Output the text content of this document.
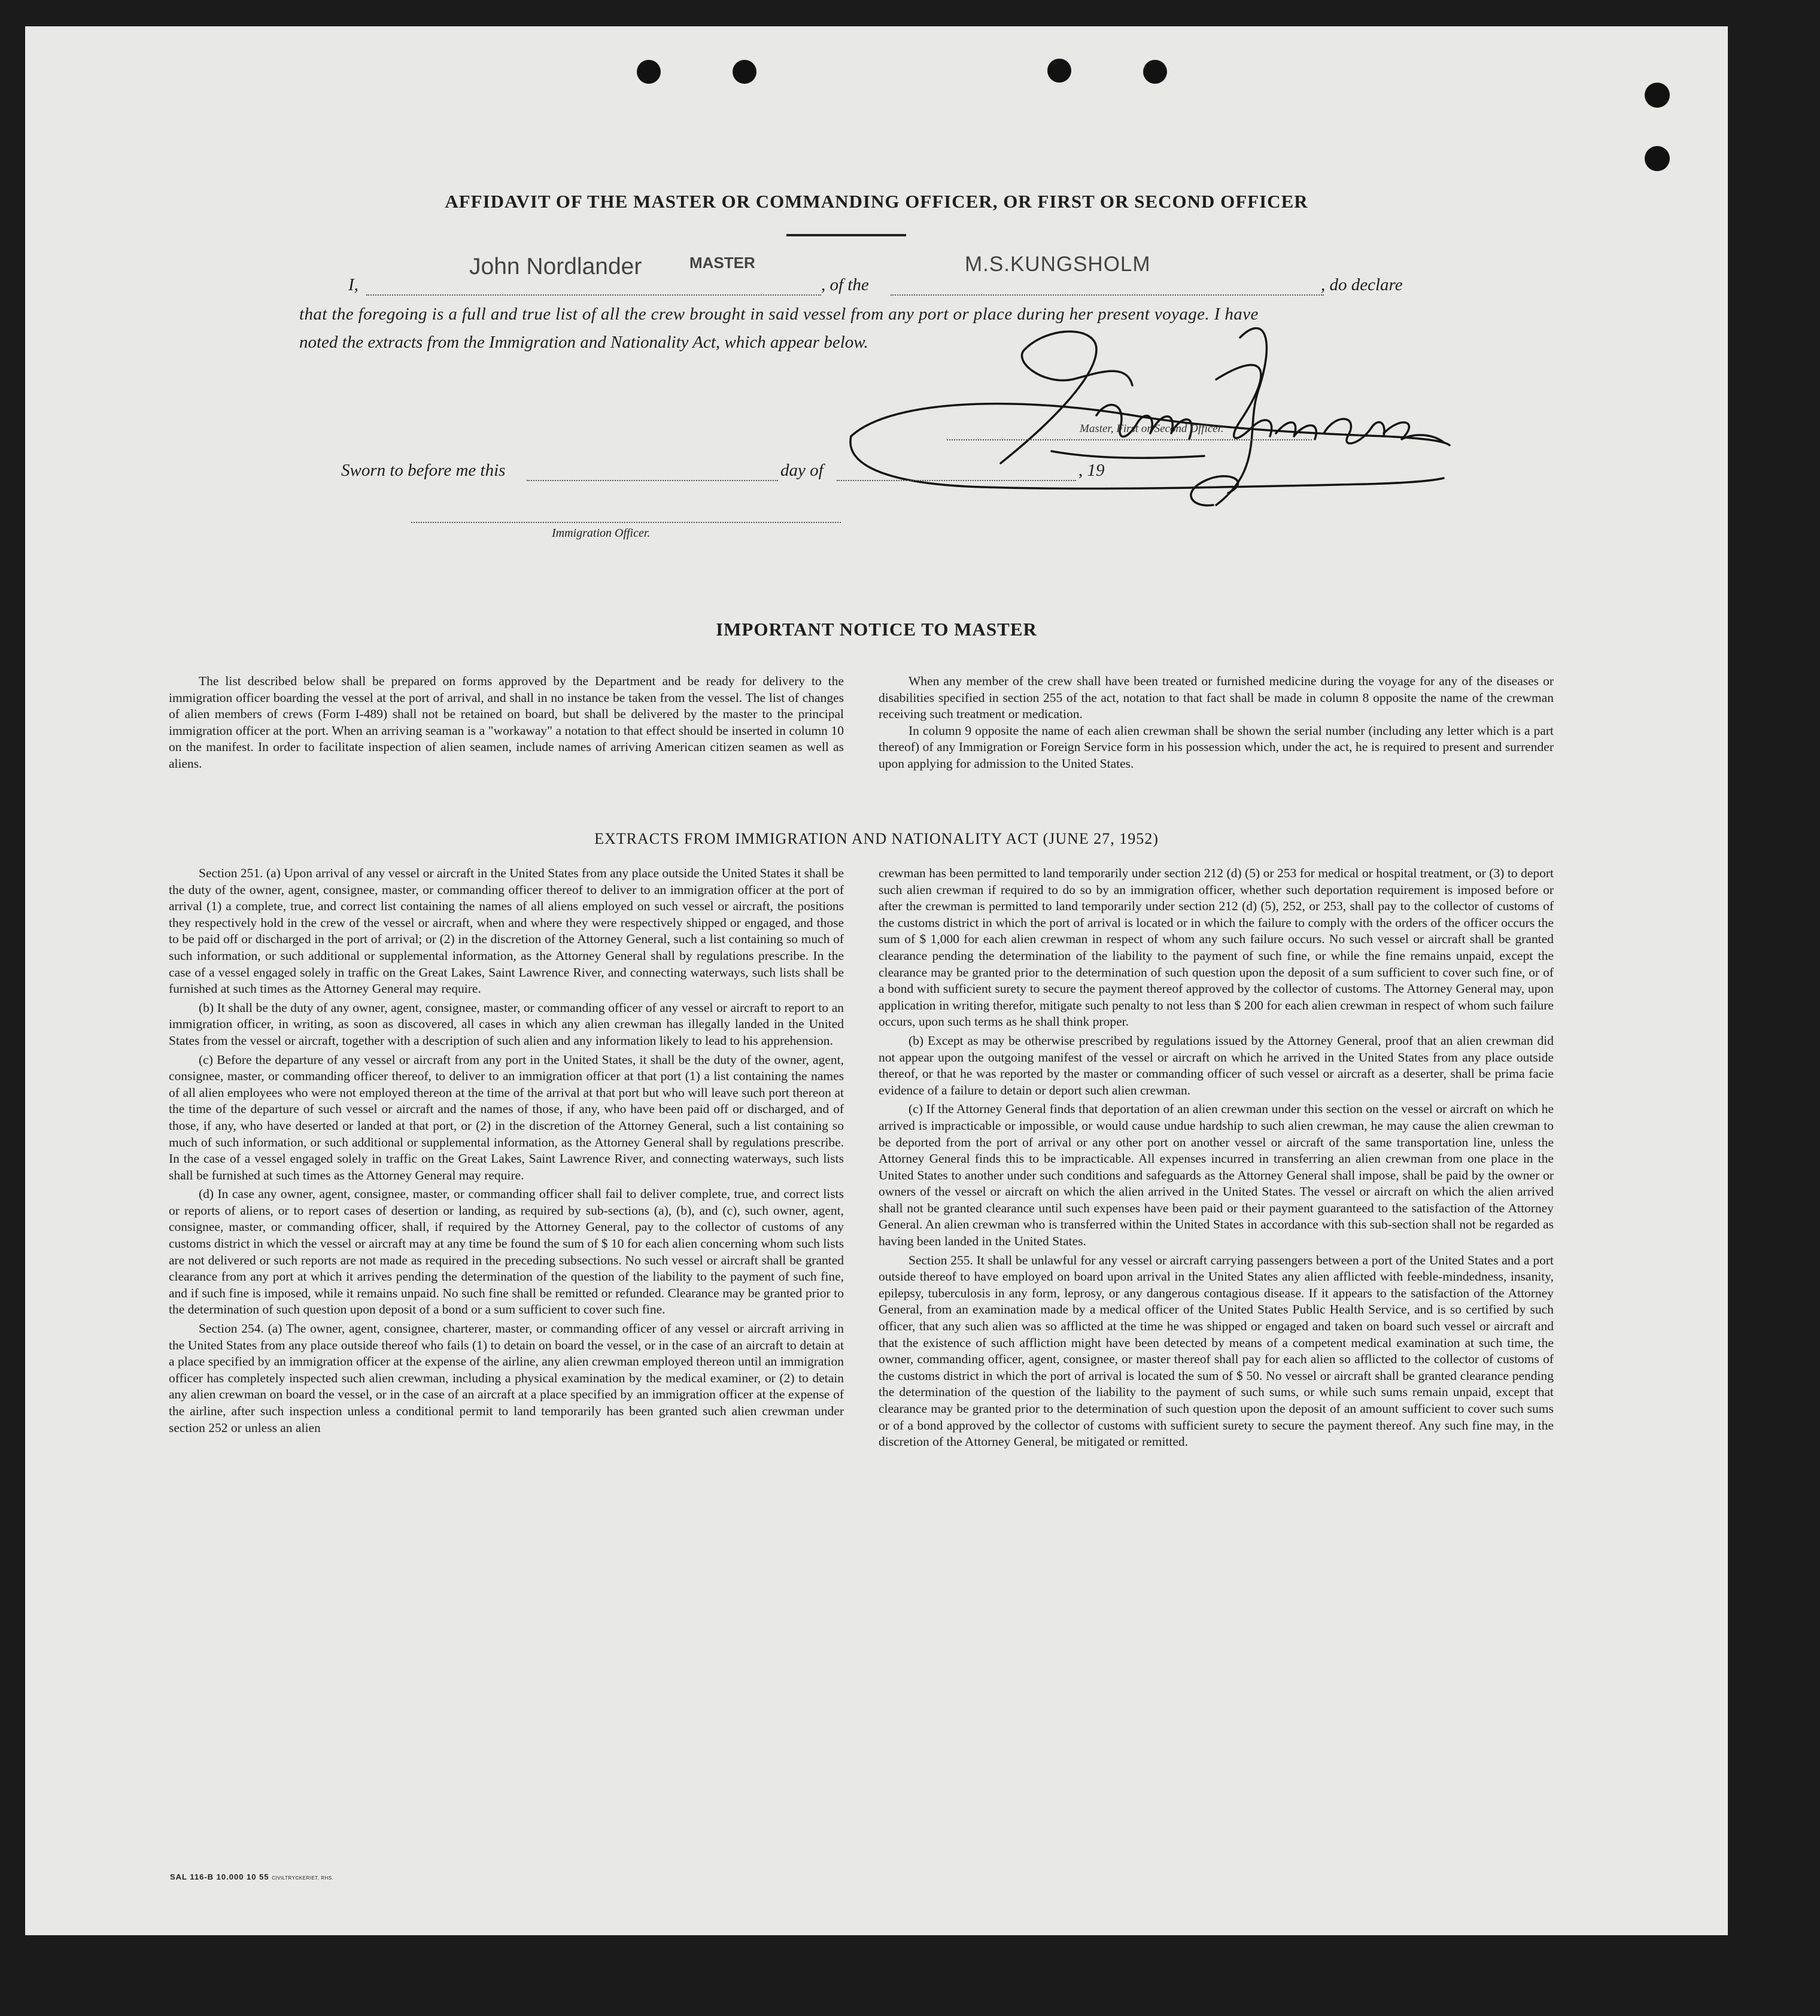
AFFIDAVIT OF THE MASTER OR COMMANDING OFFICER, OR FIRST OR SECOND OFFICER
I,
John Nordlander	MASTER
, of the
M.S.KUNGSHOLM
, do declare
that the foregoing is a full and true list of all the crew brought in said vessel from any port or place during her present voyage. I have
noted the extracts from the Immigration and Nationality Act, which appear below.
Master, First or Second Officer.
Sworn to before me this	day of	, 19
Immigration Officer.
IMPORTANT NOTICE TO MASTER

The list described below shall be prepared on forms approved by the Department and be ready for delivery to the immigration officer boarding the vessel at the port of arrival, and shall in no instance be taken from the vessel. The list of changes of alien members of crews (Form I-489) shall not be retained on board, but shall be delivered by the master to the principal immigration officer at the port. When an arriving seaman is a "workaway" a notation to that effect should be inserted in column 10 on the manifest. In order to facilitate inspection of alien seamen, include names of arriving American citizen seamen as well as aliens.

When any member of the crew shall have been treated or furnished medicine during the voyage for any of the diseases or disabilities specified in section 255 of the act, notation to that fact shall be made in column 8 opposite the name of the crewman receiving such treatment or medication.

In column 9 opposite the name of each alien crewman shall be shown the serial number (including any letter which is a part thereof) of any Immigration or Foreign Service form in his possession which, under the act, he is required to present and surrender upon applying for admission to the United States.

EXTRACTS FROM IMMIGRATION AND NATIONALITY ACT (JUNE 27, 1952)

Section 251. (a) Upon arrival of any vessel or aircraft in the United States from any place outside the United States it shall be the duty of the owner, agent, consignee, master, or commanding officer thereof to deliver to an immigration officer at the port of arrival (1) a complete, true, and correct list containing the names of all aliens employed on such vessel or aircraft, the positions they respectively hold in the crew of the vessel or aircraft, when and where they were respectively shipped or engaged, and those to be paid off or discharged in the port of arrival; or (2) in the discretion of the Attorney General, such a list containing so much of such information, or such additional or supplemental information, as the Attorney General shall by regulations prescribe. In the case of a vessel engaged solely in traffic on the Great Lakes, Saint Lawrence River, and connecting waterways, such lists shall be furnished at such times as the Attorney General may require.

(b) It shall be the duty of any owner, agent, consignee, master, or commanding officer of any vessel or aircraft to report to an immigration officer, in writing, as soon as discovered, all cases in which any alien crewman has illegally landed in the United States from the vessel or aircraft, together with a description of such alien and any information likely to lead to his apprehension.

(c) Before the departure of any vessel or aircraft from any port in the United States, it shall be the duty of the owner, agent, consignee, master, or commanding officer thereof, to deliver to an immigration officer at that port (1) a list containing the names of all alien employees who were not employed thereon at the time of the arrival at that port but who will leave such port thereon at the time of the departure of such vessel or aircraft and the names of those, if any, who have been paid off or discharged, and of those, if any, who have deserted or landed at that port, or (2) in the discretion of the Attorney General, such a list containing so much of such information, or such additional or supplemental information, as the Attorney General shall by regulations prescribe. In the case of a vessel engaged solely in traffic on the Great Lakes, Saint Lawrence River, and connecting waterways, such lists shall be furnished at such times as the Attorney General may require.

(d) In case any owner, agent, consignee, master, or commanding officer shall fail to deliver complete, true, and correct lists or reports of aliens, or to report cases of desertion or landing, as required by sub-sections (a), (b), and (c), such owner, agent, consignee, master, or commanding officer, shall, if required by the Attorney General, pay to the collector of customs of any customs district in which the vessel or aircraft may at any time be found the sum of $ 10 for each alien concerning whom such lists are not delivered or such reports are not made as required in the preceding subsections. No such vessel or aircraft shall be granted clearance from any port at which it arrives pending the determination of the question of the liability to the payment of such fine, and if such fine is imposed, while it remains unpaid. No such fine shall be remitted or refunded. Clearance may be granted prior to the determination of such question upon deposit of a bond or a sum sufficient to cover such fine.

Section 254. (a) The owner, agent, consignee, charterer, master, or commanding officer of any vessel or aircraft arriving in the United States from any place outside thereof who fails (1) to detain on board the vessel, or in the case of an aircraft to detain at a place specified by an immigration officer at the expense of the airline, any alien crewman employed thereon until an immigration officer has completely inspected such alien crewman, including a physical examination by the medical examiner, or (2) to detain any alien crewman on board the vessel, or in the case of an aircraft at a place specified by an immigration officer at the expense of the airline, after such inspection unless a conditional permit to land temporarily has been granted such alien crewman under section 252 or unless an alien

crewman has been permitted to land temporarily under section 212 (d) (5) or 253 for medical or hospital treatment, or (3) to deport such alien crewman if required to do so by an immigration officer, whether such deportation requirement is imposed before or after the crewman is permitted to land temporarily under section 212 (d) (5), 252, or 253, shall pay to the collector of customs of the customs district in which the port of arrival is located or in which the failure to comply with the orders of the officer occurs the sum of $ 1,000 for each alien crewman in respect of whom any such failure occurs. No such vessel or aircraft shall be granted clearance pending the determination of the liability to the payment of such fine, or while the fine remains unpaid, except the clearance may be granted prior to the determination of such question upon the deposit of a sum sufficient to cover such fine, or of a bond with sufficient surety to secure the payment thereof approved by the collector of customs. The Attorney General may, upon application in writing therefor, mitigate such penalty to not less than $ 200 for each alien crewman in respect of whom such failure occurs, upon such terms as he shall think proper.

(b) Except as may be otherwise prescribed by regulations issued by the Attorney General, proof that an alien crewman did not appear upon the outgoing manifest of the vessel or aircraft on which he arrived in the United States from any place outside thereof, or that he was reported by the master or commanding officer of such vessel or aircraft as a deserter, shall be prima facie evidence of a failure to detain or deport such alien crewman.

(c) If the Attorney General finds that deportation of an alien crewman under this section on the vessel or aircraft on which he arrived is impracticable or impossible, or would cause undue hardship to such alien crewman, he may cause the alien crewman to be deported from the port of arrival or any other port on another vessel or aircraft of the same transportation line, unless the Attorney General finds this to be impracticable. All expenses incurred in transferring an alien crewman from one place in the United States to another under such conditions and safeguards as the Attorney General shall impose, shall be paid by the owner or owners of the vessel or aircraft on which the alien arrived in the United States. The vessel or aircraft on which the alien arrived shall not be granted clearance until such expenses have been paid or their payment guaranteed to the satisfaction of the Attorney General. An alien crewman who is transferred within the United States in accordance with this sub-section shall not be regarded as having been landed in the United States.

Section 255. It shall be unlawful for any vessel or aircraft carrying passengers between a port of the United States and a port outside thereof to have employed on board upon arrival in the United States any alien afflicted with feeble-mindedness, insanity, epilepsy, tuberculosis in any form, leprosy, or any dangerous contagious disease. If it appears to the satisfaction of the Attorney General, from an examination made by a medical officer of the United States Public Health Service, and is so certified by such officer, that any such alien was so afflicted at the time he was shipped or engaged and taken on board such vessel or aircraft and that the existence of such affliction might have been detected by means of a competent medical examination at such time, the owner, commanding officer, agent, consignee, or master thereof shall pay for each alien so afflicted to the collector of customs of the customs district in which the port of arrival is located the sum of $ 50. No vessel or aircraft shall be granted clearance pending the determination of the question of the liability to the payment of such sums, or while such sums remain unpaid, except that clearance may be granted prior to the determination of such question upon the deposit of an amount sufficient to cover such sums or of a bond approved by the collector of customs with sufficient surety to secure the payment thereof. Any such fine may, in the discretion of the Attorney General, be mitigated or remitted.

SAL 116-B 10.000 10 55 CIVILTRYCKERIET, RHS.
